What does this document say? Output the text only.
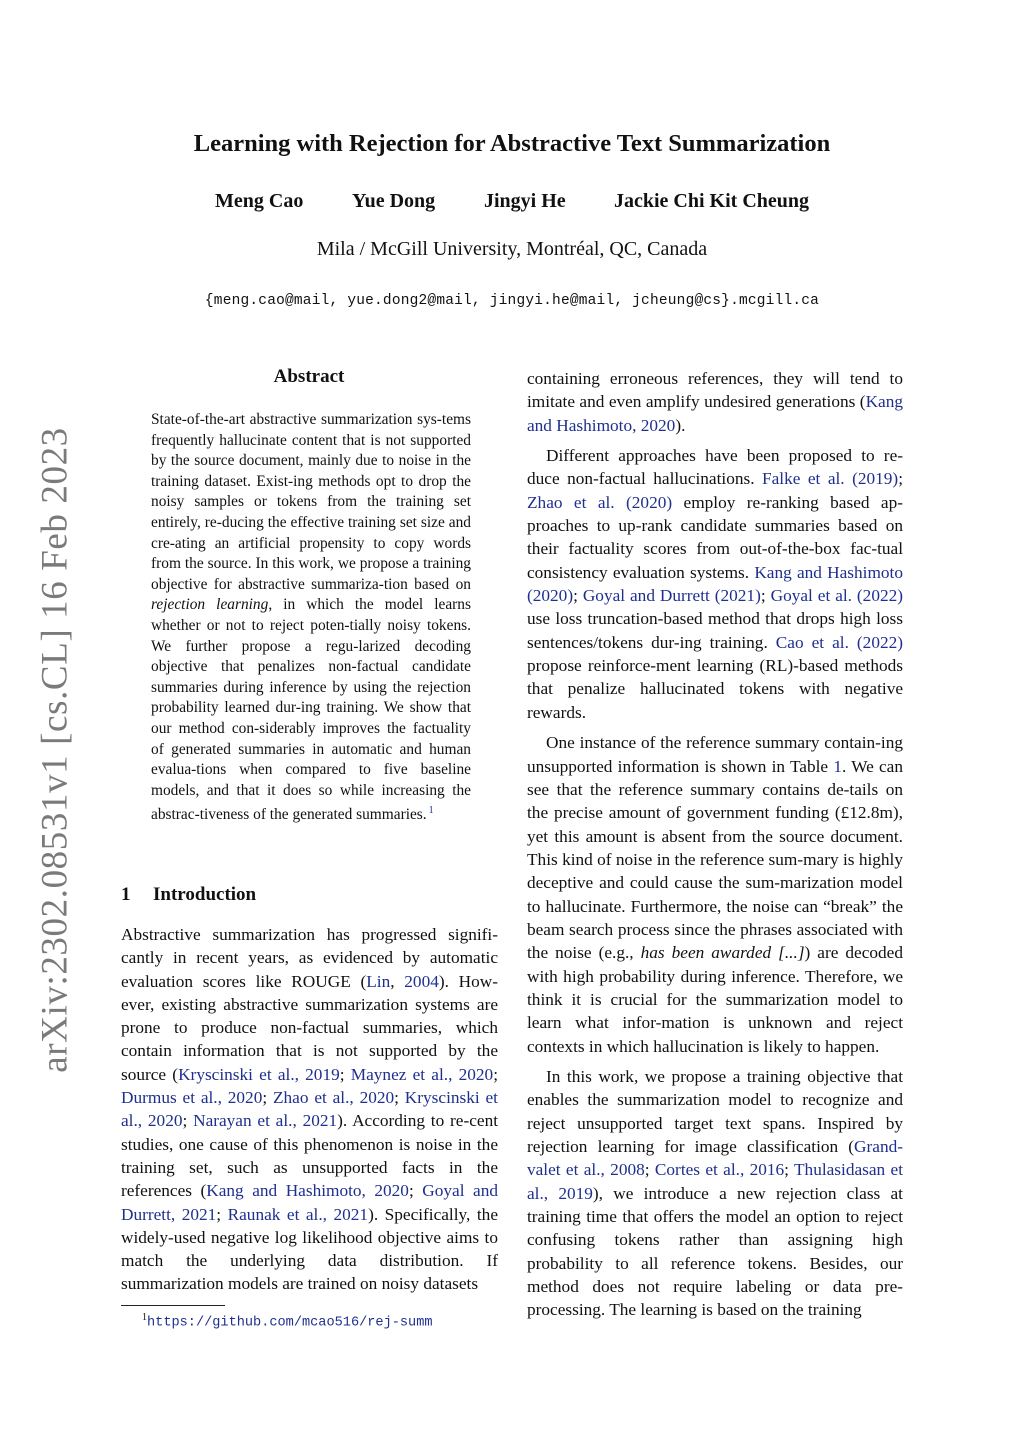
arXiv:2302.08531v1 [cs.CL] 16 Feb 2023
Learning with Rejection for Abstractive Text Summarization
Meng Cao Yue Dong Jingyi He Jackie Chi Kit Cheung
Mila / McGill University, Montréal, QC, Canada
{meng.cao@mail, yue.dong2@mail, jingyi.he@mail, jcheung@cs}.mcgill.ca
Abstract
State-of-the-art abstractive summarization sys-tems frequently hallucinate content that is not supported by the source document, mainly due to noise in the training dataset. Exist-ing methods opt to drop the noisy samples or tokens from the training set entirely, re-ducing the effective training set size and cre-ating an artificial propensity to copy words from the source. In this work, we propose a training objective for abstractive summariza-tion based on rejection learning, in which the model learns whether or not to reject poten-tially noisy tokens. We further propose a regu-larized decoding objective that penalizes non-factual candidate summaries during inference by using the rejection probability learned dur-ing training. We show that our method con-siderably improves the factuality of generated summaries in automatic and human evalua-tions when compared to five baseline models, and that it does so while increasing the abstrac-tiveness of the generated summaries. $^1$
1 Introduction

Abstractive summarization has progressed signifi-cantly in recent years, as evidenced by automatic evaluation scores like ROUGE (Lin, 2004). How-ever, existing abstractive summarization systems are prone to produce non-factual summaries, which contain information that is not supported by the source (Kryscinski et al., 2019; Maynez et al., 2020; Durmus et al., 2020; Zhao et al., 2020; Kryscinski et al., 2020; Narayan et al., 2021). According to re-cent studies, one cause of this phenomenon is noise in the training set, such as unsupported facts in the references (Kang and Hashimoto, 2020; Goyal and Durrett, 2021; Raunak et al., 2021). Specifically, the widely-used negative log likelihood objective aims to match the underlying data distribution. If summarization models are trained on noisy datasets

$^1$https://github.com/mcao516/rej-summ

containing erroneous references, they will tend to imitate and even amplify undesired generations (Kang and Hashimoto, 2020).

Different approaches have been proposed to re-duce non-factual hallucinations. Falke et al. (2019); Zhao et al. (2020) employ re-ranking based ap-proaches to up-rank candidate summaries based on their factuality scores from out-of-the-box fac-tual consistency evaluation systems. Kang and Hashimoto (2020); Goyal and Durrett (2021); Goyal et al. (2022) use loss truncation-based method that drops high loss sentences/tokens dur-ing training. Cao et al. (2022) propose reinforce-ment learning (RL)-based methods that penalize hallucinated tokens with negative rewards.

One instance of the reference summary contain-ing unsupported information is shown in Table 1. We can see that the reference summary contains de-tails on the precise amount of government funding (£12.8m), yet this amount is absent from the source document. This kind of noise in the reference sum-mary is highly deceptive and could cause the sum-marization model to hallucinate. Furthermore, the noise can “break” the beam search process since the phrases associated with the noise (e.g., has been awarded [...]) are decoded with high probability during inference. Therefore, we think it is crucial for the summarization model to learn what infor-mation is unknown and reject contexts in which hallucination is likely to happen.

In this work, we propose a training objective that enables the summarization model to recognize and reject unsupported target text spans. Inspired by rejection learning for image classification (Grand-valet et al., 2008; Cortes et al., 2016; Thulasidasan et al., 2019), we introduce a new rejection class at training time that offers the model an option to reject confusing tokens rather than assigning high probability to all reference tokens. Besides, our method does not require labeling or data pre-processing. The learning is based on the training
